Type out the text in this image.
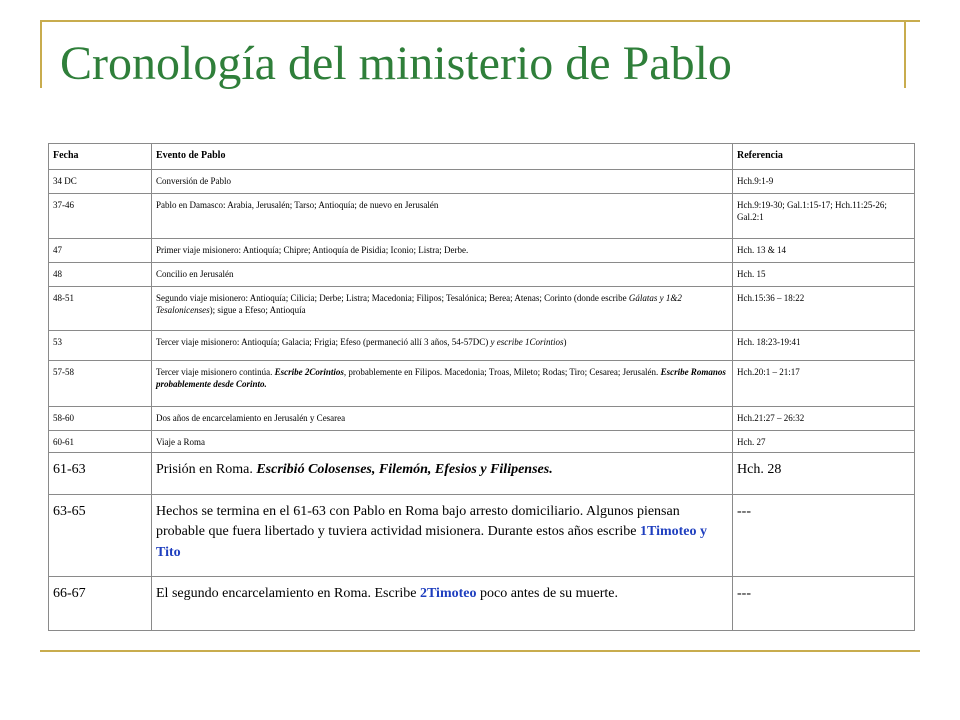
Cronología del ministerio de Pablo
Fecha	Evento de Pablo	Referencia
34 DC	Conversión de Pablo	Hch.9:1-9
37-46	Pablo en Damasco: Arabia, Jerusalén; Tarso; Antioquía; de nuevo en Jerusalén	Hch.9:19-30; Gal.1:15-17; Hch.11:25-26; Gal.2:1
47	Primer viaje misionero: Antioquía; Chipre; Antioquía de Pisidia; Iconio; Listra; Derbe.	Hch. 13 & 14
48	Concilio en Jerusalén	Hch. 15
48-51	Segundo viaje misionero: Antioquía; Cilicia; Derbe; Listra; Macedonia; Filipos; Tesalónica; Berea; Atenas; Corinto (donde escribe Gálatas y 1&2 Tesalonicenses); sigue a Efeso; Antioquía	Hch.15:36 – 18:22
53	Tercer viaje misionero: Antioquía; Galacia; Frigia; Efeso (permaneció allí 3 años, 54-57DC) y escribe 1Corintios)	Hch. 18:23-19:41
57-58	Tercer viaje misionero continúa. Escribe 2Corintios, probablemente en Filipos. Macedonia; Troas, Mileto; Rodas; Tiro; Cesarea; Jerusalén. Escribe Romanos probablemente desde Corinto.	Hch.20:1 – 21:17
58-60	Dos años de encarcelamiento en Jerusalén y Cesarea	Hch.21:27 – 26:32
60-61	Viaje a Roma	Hch. 27
61-63	Prisión en Roma. Escribió Colosenses, Filemón, Efesios y Filipenses.	Hch. 28
63-65	Hechos se termina en el 61-63 con Pablo en Roma bajo arresto domiciliario. Algunos piensan probable que fuera libertado y tuviera actividad misionera. Durante estos años escribe 1Timoteo y Tito	---
66-67	El segundo encarcelamiento en Roma. Escribe 2Timoteo poco antes de su muerte.	---
